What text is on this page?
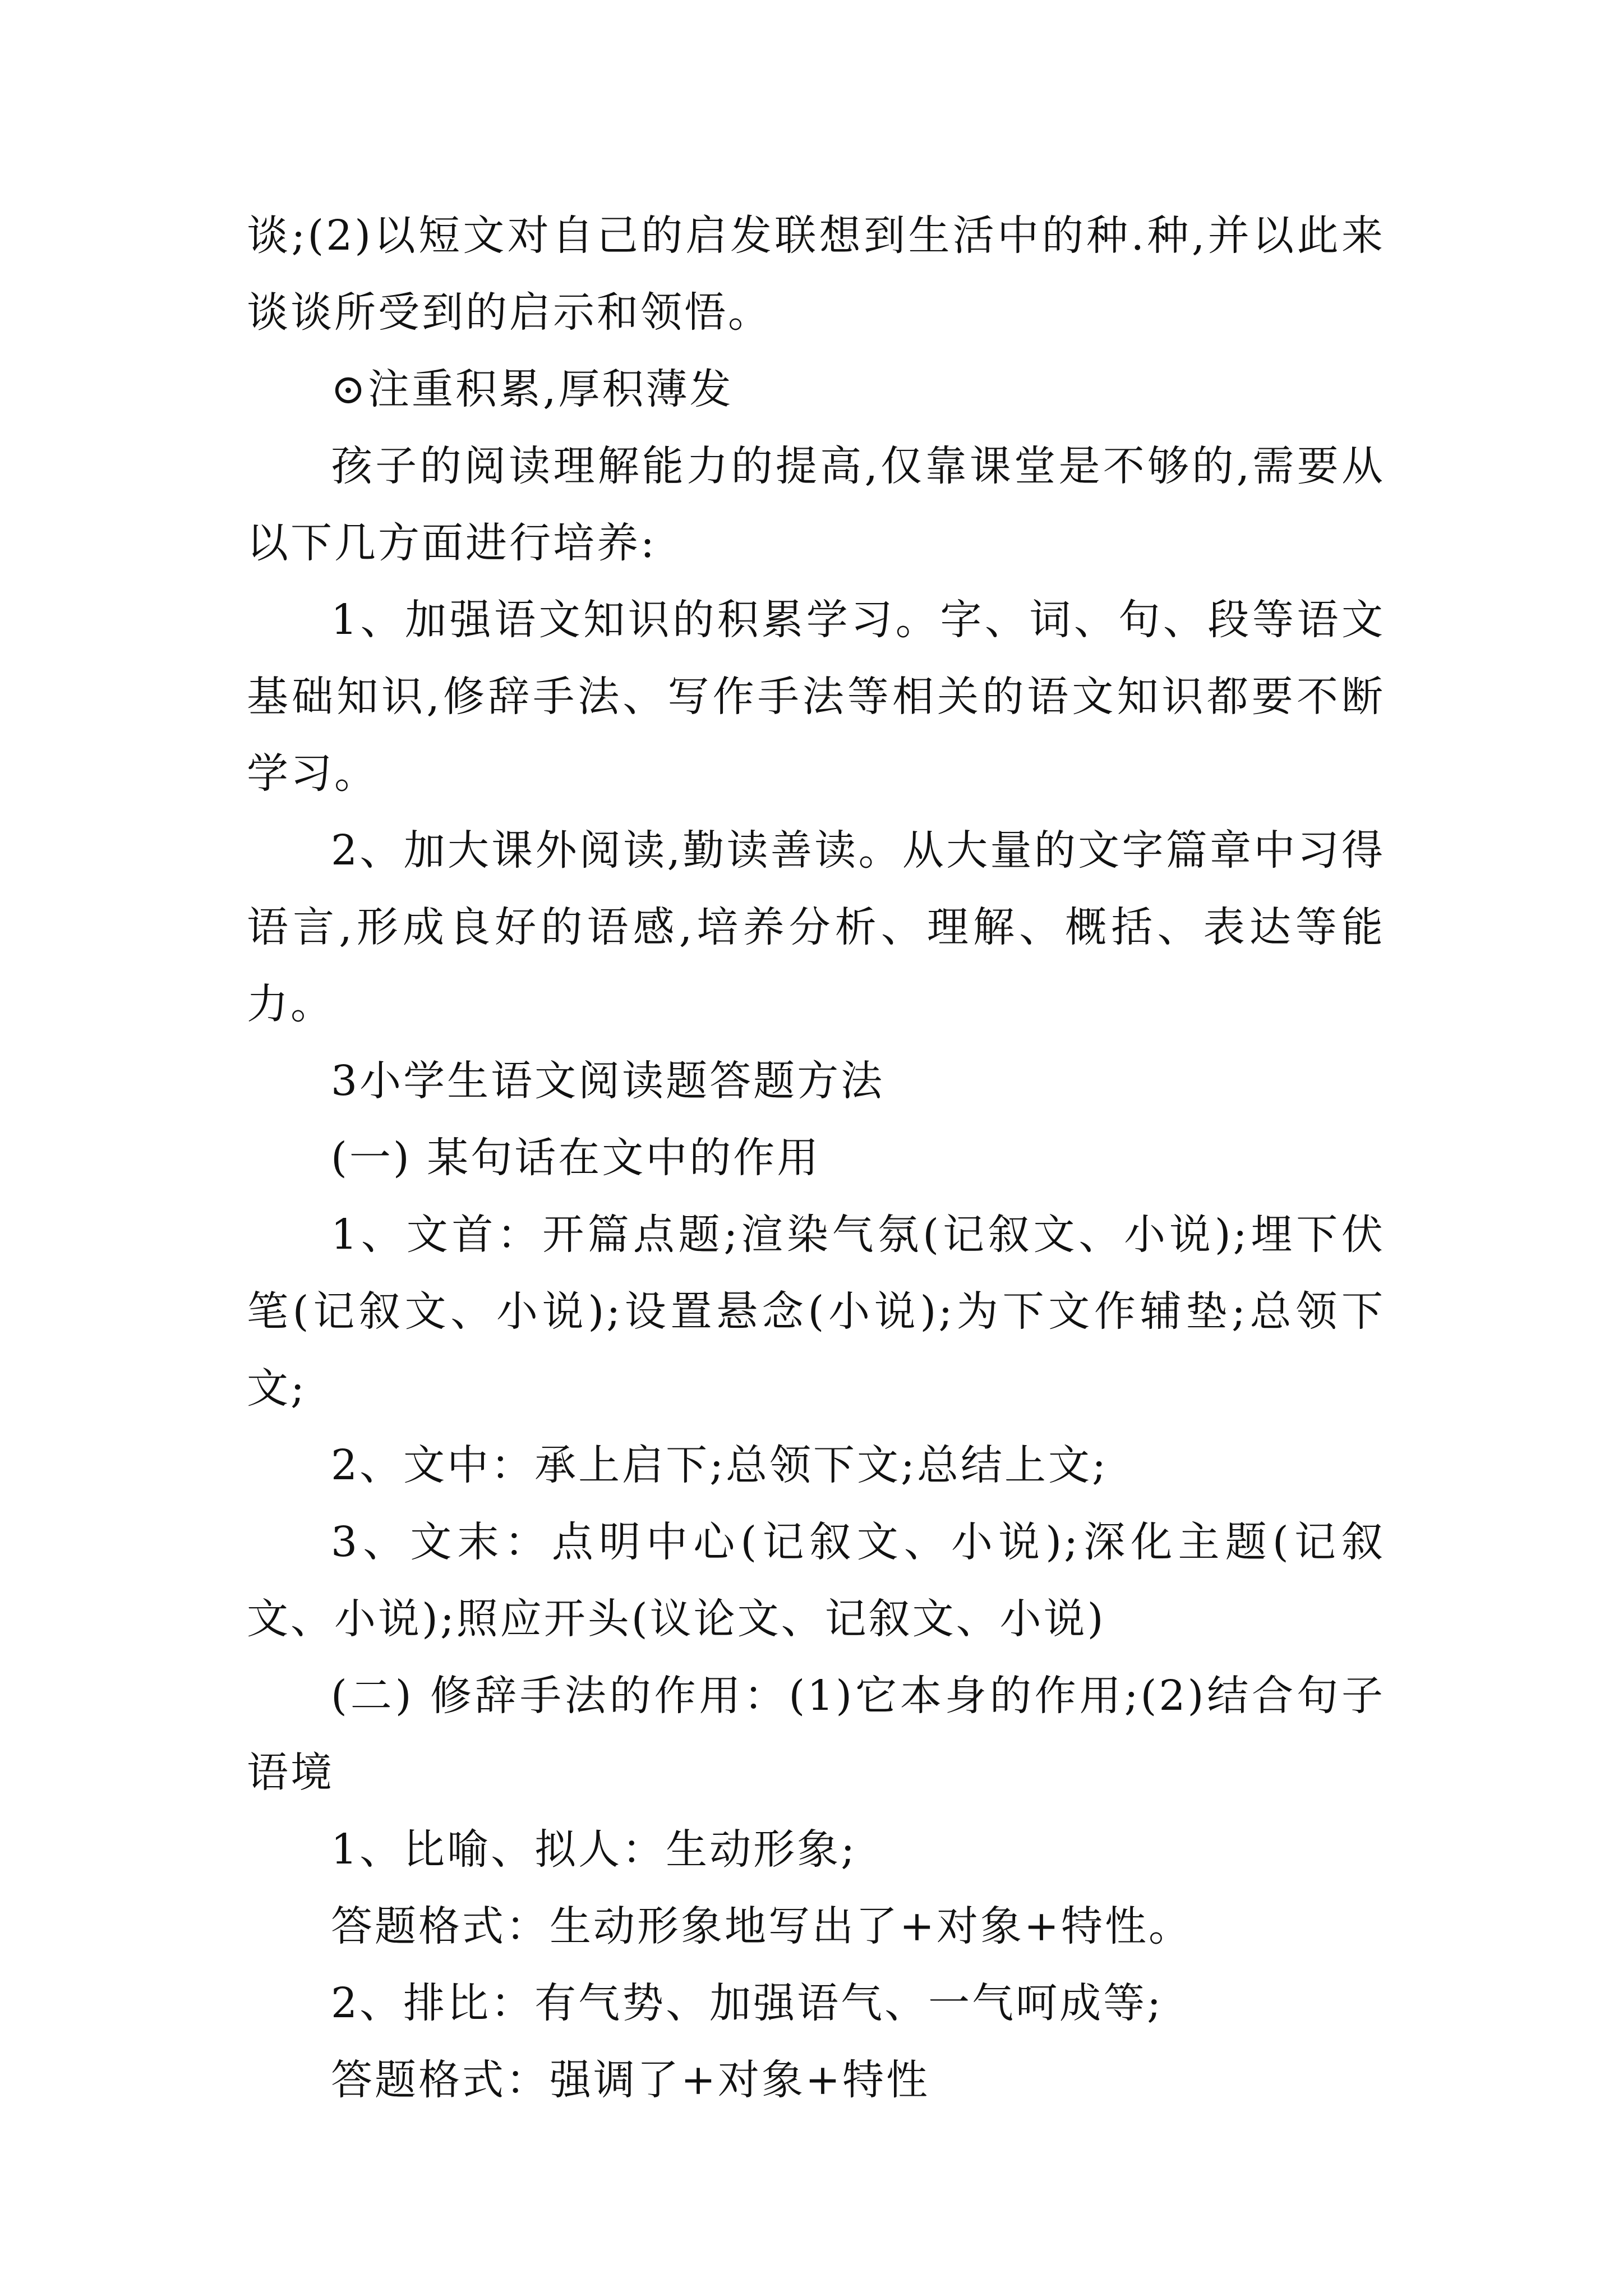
谈;(2)以短文对自己的启发联想到生活中的种.种,并以此来谈谈所受到的启示和领悟。

⊙注重积累,厚积薄发

孩子的阅读理解能力的提高,仅靠课堂是不够的,需要从以下几方面进行培养:

1、加强语文知识的积累学习。字、词、句、段等语文基础知识,修辞手法、写作手法等相关的语文知识都要不断学习。

2、加大课外阅读,勤读善读。从大量的文字篇章中习得语言,形成良好的语感,培养分析、理解、概括、表达等能力。

3小学生语文阅读题答题方法

(一) 某句话在文中的作用

1、文首：开篇点题;渲染气氛(记叙文、小说);埋下伏笔(记叙文、小说);设置悬念(小说);为下文作辅垫;总领下文;

2、文中：承上启下;总领下文;总结上文;

3、文末：点明中心(记叙文、小说);深化主题(记叙文、小说);照应开头(议论文、记叙文、小说)

(二) 修辞手法的作用：(1)它本身的作用;(2)结合句子语境

1、比喻、拟人：生动形象;

答题格式：生动形象地写出了+对象+特性。

2、排比：有气势、加强语气、一气呵成等;

答题格式：强调了+对象+特性
